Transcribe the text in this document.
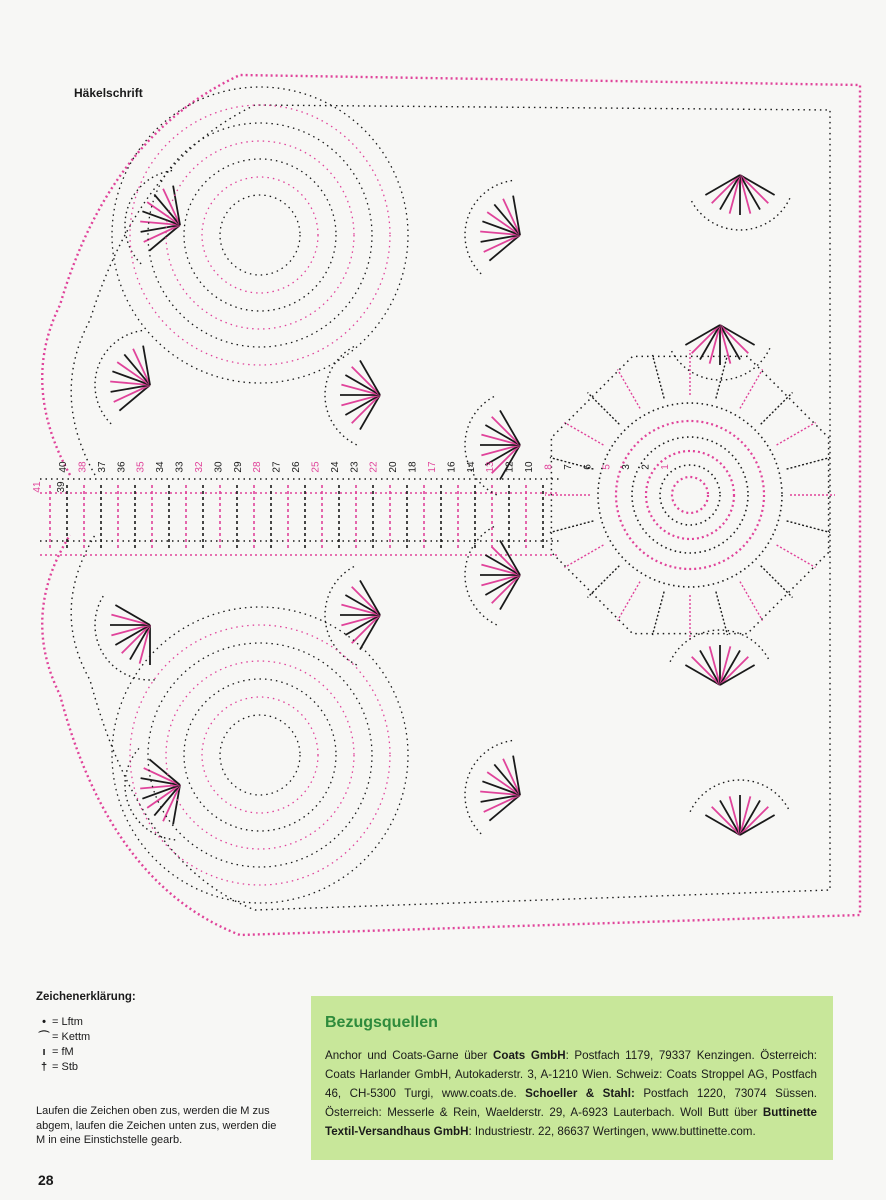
Häkelschrift
40 38 37 36 35 34 33 32 30 29 28 27 26 25 24 23 22 20 18 17 16 14 13 12 10 8 7 6 5 3 2 1
41 39
Zeichenerklärung:
• = Lftm
⌒ = Kettm
ı = fM
† = Stb
Laufen die Zeichen oben zus, werden die M zus abgem, laufen die Zeichen unten zus, werden die M in eine Einstichstelle gearb.
28
Bezugsquellen

Anchor und Coats-Garne über Coats GmbH: Postfach 1179, 79337 Kenzingen. Österreich: Coats Harlander GmbH, Autokaderstr. 3, A-1210 Wien. Schweiz: Coats Stroppel AG, Postfach 46, CH-5300 Turgi, www.coats.de. Schoeller & Stahl: Postfach 1220, 73074 Süssen. Österreich: Messerle & Rein, Waelderstr. 29, A-6923 Lauterbach. Woll Butt über Buttinette Textil-Versandhaus GmbH: Industriestr. 22, 86637 Wertingen, www.buttinette.com.
